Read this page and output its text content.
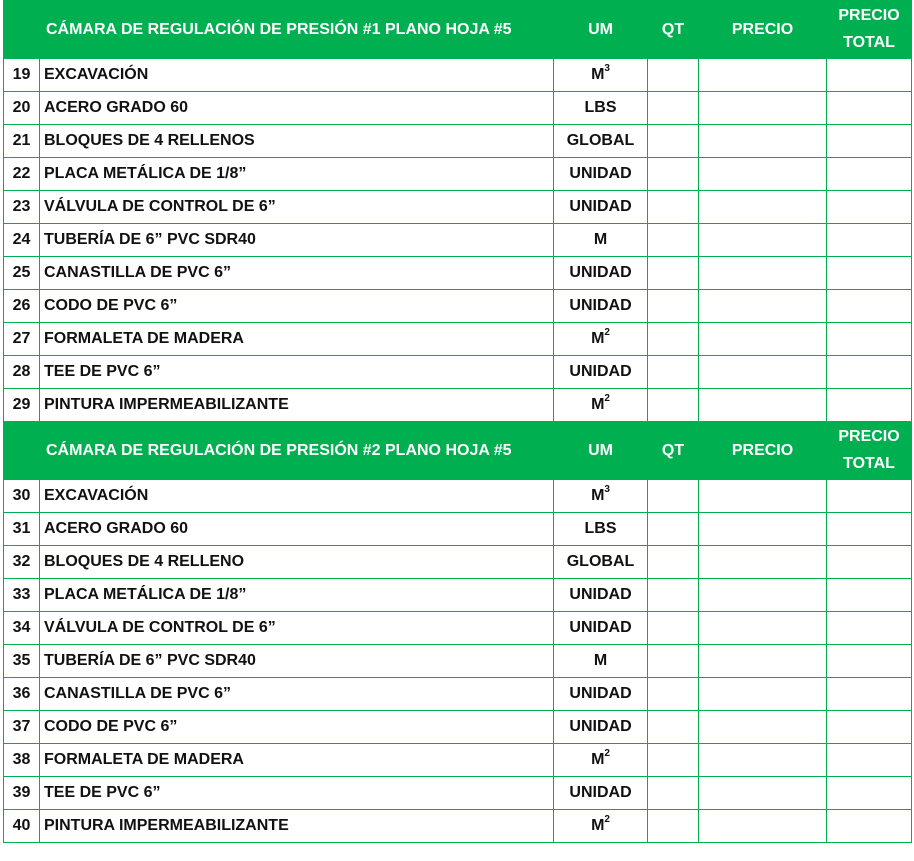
CÁMARA DE REGULACIÓN DE PRESIÓN #1 PLANO HOJA #5		UM	QT	PRECIO	PRECIO
TOTAL

19	EXCAVACIÓN	$M^3$			
20	ACERO GRADO 60	LBS			
21	BLOQUES DE 4 RELLENOS	GLOBAL			
22	PLACA METÁLICA DE 1/8”	UNIDAD			
23	VÁLVULA DE CONTROL DE 6”	UNIDAD			
24	TUBERÍA DE 6” PVC SDR40	M			
25	CANASTILLA DE PVC 6”	UNIDAD			
26	CODO DE PVC 6”	UNIDAD			
27	FORMALETA DE MADERA	$M^2$			
28	TEE DE PVC 6”	UNIDAD			
29	PINTURA IMPERMEABILIZANTE	$M^2$			
CÁMARA DE REGULACIÓN DE PRESIÓN #2 PLANO HOJA #5		UM	QT	PRECIO	PRECIO
TOTAL

30	EXCAVACIÓN	$M^3$			
31	ACERO GRADO 60	LBS			
32	BLOQUES DE 4 RELLENO	GLOBAL			
33	PLACA METÁLICA DE 1/8”	UNIDAD			
34	VÁLVULA DE CONTROL DE 6”	UNIDAD			
35	TUBERÍA DE 6” PVC SDR40	M			
36	CANASTILLA DE PVC 6”	UNIDAD			
37	CODO DE PVC 6”	UNIDAD			
38	FORMALETA DE MADERA	$M^2$			
39	TEE DE PVC 6”	UNIDAD			
40	PINTURA IMPERMEABILIZANTE	$M^2$			
